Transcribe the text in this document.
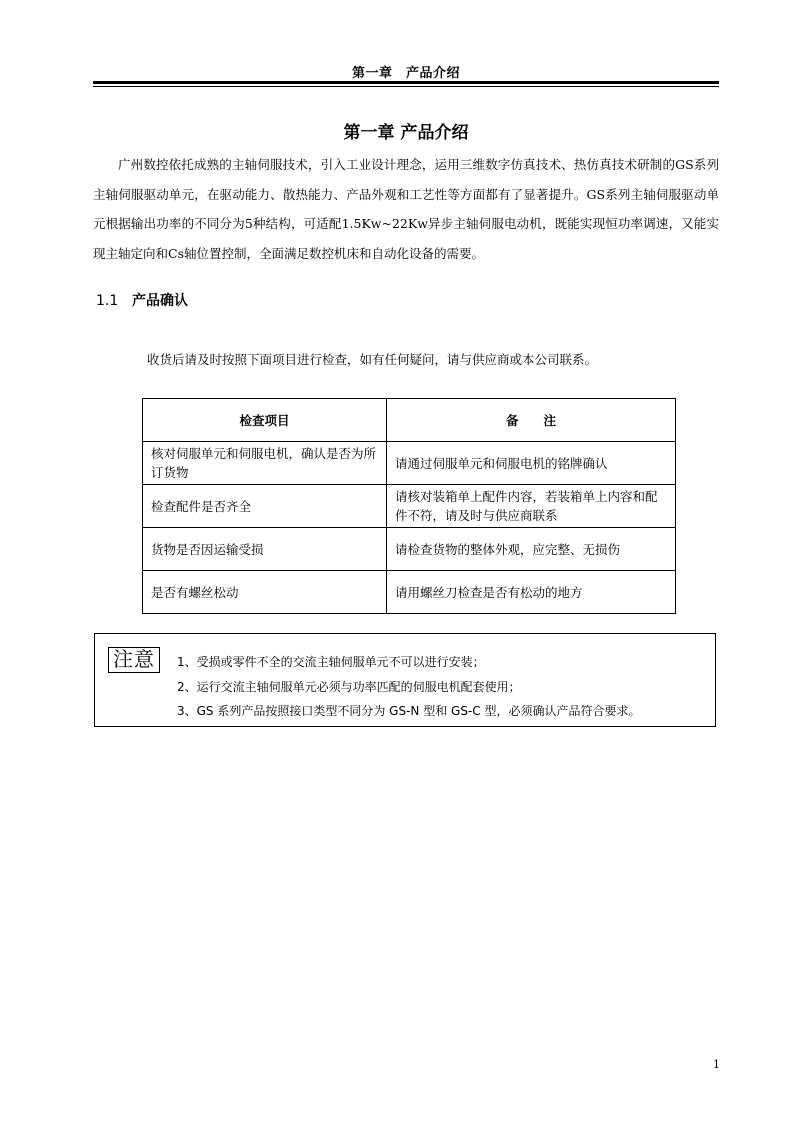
第一章　产品介绍
第一章 产品介绍

广州数控依托成熟的主轴伺服技术，引入工业设计理念，运用三维数字仿真技术、热仿真技术研制的GS系列主轴伺服驱动单元，在驱动能力、散热能力、产品外观和工艺性等方面都有了显著提升。GS系列主轴伺服驱动单元根据输出功率的不同分为5种结构，可适配1.5Kw~22Kw异步主轴伺服电动机，既能实现恒功率调速，又能实现主轴定向和Cs轴位置控制，全面满足数控机床和自动化设备的需要。

1.1 产品确认
收货后请及时按照下面项目进行检查，如有任何疑问，请与供应商或本公司联系。
检查项目	备　　注
核对伺服单元和伺服电机，确认是否为所订货物	请通过伺服单元和伺服电机的铭牌确认
检查配件是否齐全	请核对装箱单上配件内容，若装箱单上内容和配件不符，请及时与供应商联系
货物是否因运输受损	请检查货物的整体外观，应完整、无损伤
是否有螺丝松动	请用螺丝刀检查是否有松动的地方
注意	1、受损或零件不全的交流主轴伺服单元不可以进行安装；
2、运行交流主轴伺服单元必须与功率匹配的伺服电机配套使用；
3、GS 系列产品按照接口类型不同分为 GS-N 型和 GS-C 型，必须确认产品符合要求。
1
